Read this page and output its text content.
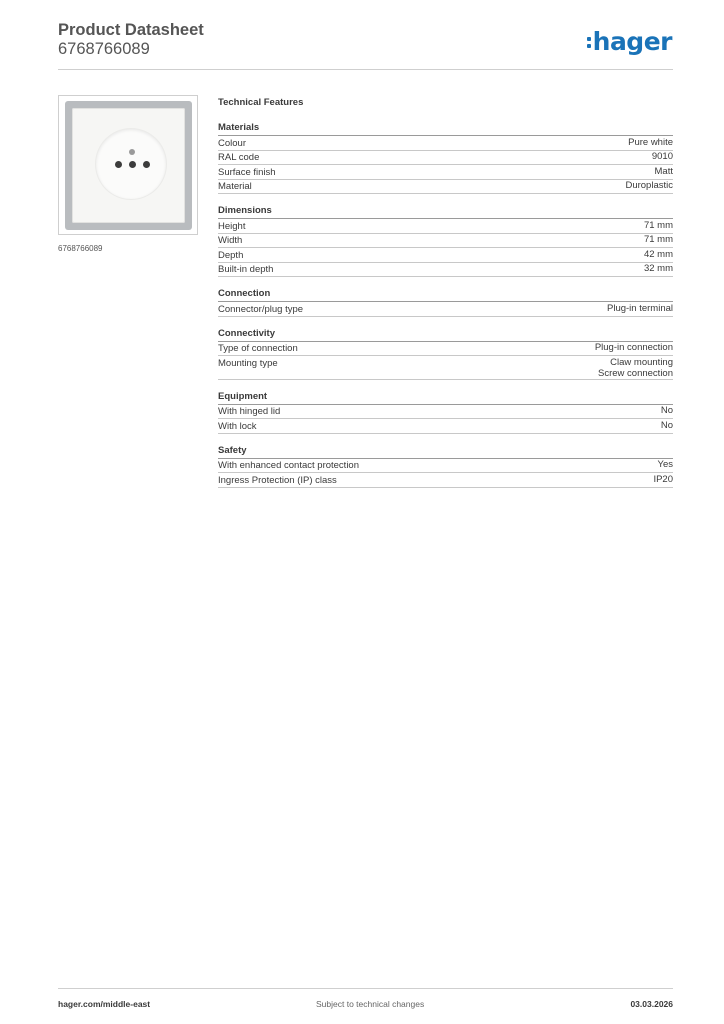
Product Datasheet
6768766089	hager
6768766089
Technical Features
Materials
Colour	Pure white
RAL code	9010
Surface finish	Matt
Material	Duroplastic
Dimensions
Height	71 mm
Width	71 mm
Depth	42 mm
Built-in depth	32 mm
Connection
Connector/plug type	Plug-in terminal
Connectivity
Type of connection	Plug-in connection
Mounting type	Claw mounting
Screw connection
Equipment
With hinged lid	No
With lock	No
Safety
With enhanced contact protection	Yes
Ingress Protection (IP) class	IP20
hager.com/middle-east	Subject to technical changes	03.03.2026
